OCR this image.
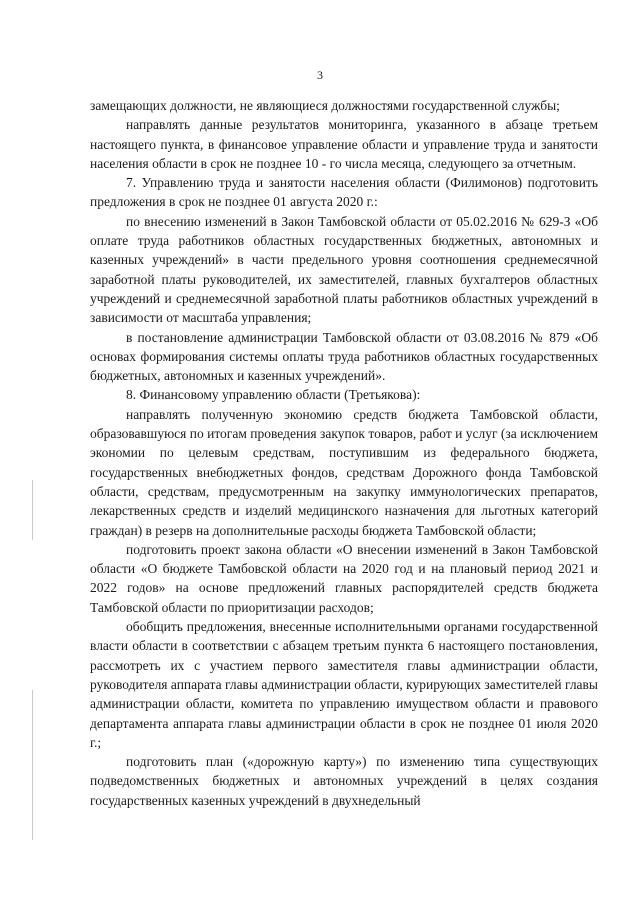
3

замещающих должности, не являющиеся должностями государственной службы;

направлять данные результатов мониторинга, указанного в абзаце третьем настоящего пункта, в финансовое управление области и управление труда и занятости населения области в срок не позднее 10 - го числа месяца, следующего за отчетным.

7. Управлению труда и занятости населения области (Филимонов) подготовить предложения в срок не позднее 01 августа 2020 г.:

по внесению изменений в Закон Тамбовской области от 05.02.2016 № 629-З «Об оплате труда работников областных государственных бюджетных, автономных и казенных учреждений» в части предельного уровня соотношения среднемесячной заработной платы руководителей, их заместителей, главных бухгалтеров областных учреждений и среднемесячной заработной платы работников областных учреждений в зависимости от масштаба управления;

в постановление администрации Тамбовской области от 03.08.2016 № 879 «Об основах формирования системы оплаты труда работников областных государственных бюджетных, автономных и казенных учреждений».

8. Финансовому управлению области (Третьякова):

направлять полученную экономию средств бюджета Тамбовской области, образовавшуюся по итогам проведения закупок товаров, работ и услуг (за исключением экономии по целевым средствам, поступившим из федерального бюджета, государственных внебюджетных фондов, средствам Дорожного фонда Тамбовской области, средствам, предусмотренным на закупку иммунологических препаратов, лекарственных средств и изделий медицинского назначения для льготных категорий граждан) в резерв на дополнительные расходы бюджета Тамбовской области;

подготовить проект закона области «О внесении изменений в Закон Тамбовской области «О бюджете Тамбовской области на 2020 год и на плановый период 2021 и 2022 годов» на основе предложений главных распорядителей средств бюджета Тамбовской области по приоритизации расходов;

обобщить предложения, внесенные исполнительными органами государственной власти области в соответствии с абзацем третьим пункта 6 настоящего постановления, рассмотреть их с участием первого заместителя главы администрации области, руководителя аппарата главы администрации области, курирующих заместителей главы администрации области, комитета по управлению имуществом области и правового департамента аппарата главы администрации области в срок не позднее 01 июля 2020 г.;

подготовить план («дорожную карту») по изменению типа существующих подведомственных бюджетных и автономных учреждений в целях создания государственных казенных учреждений в двухнедельный
